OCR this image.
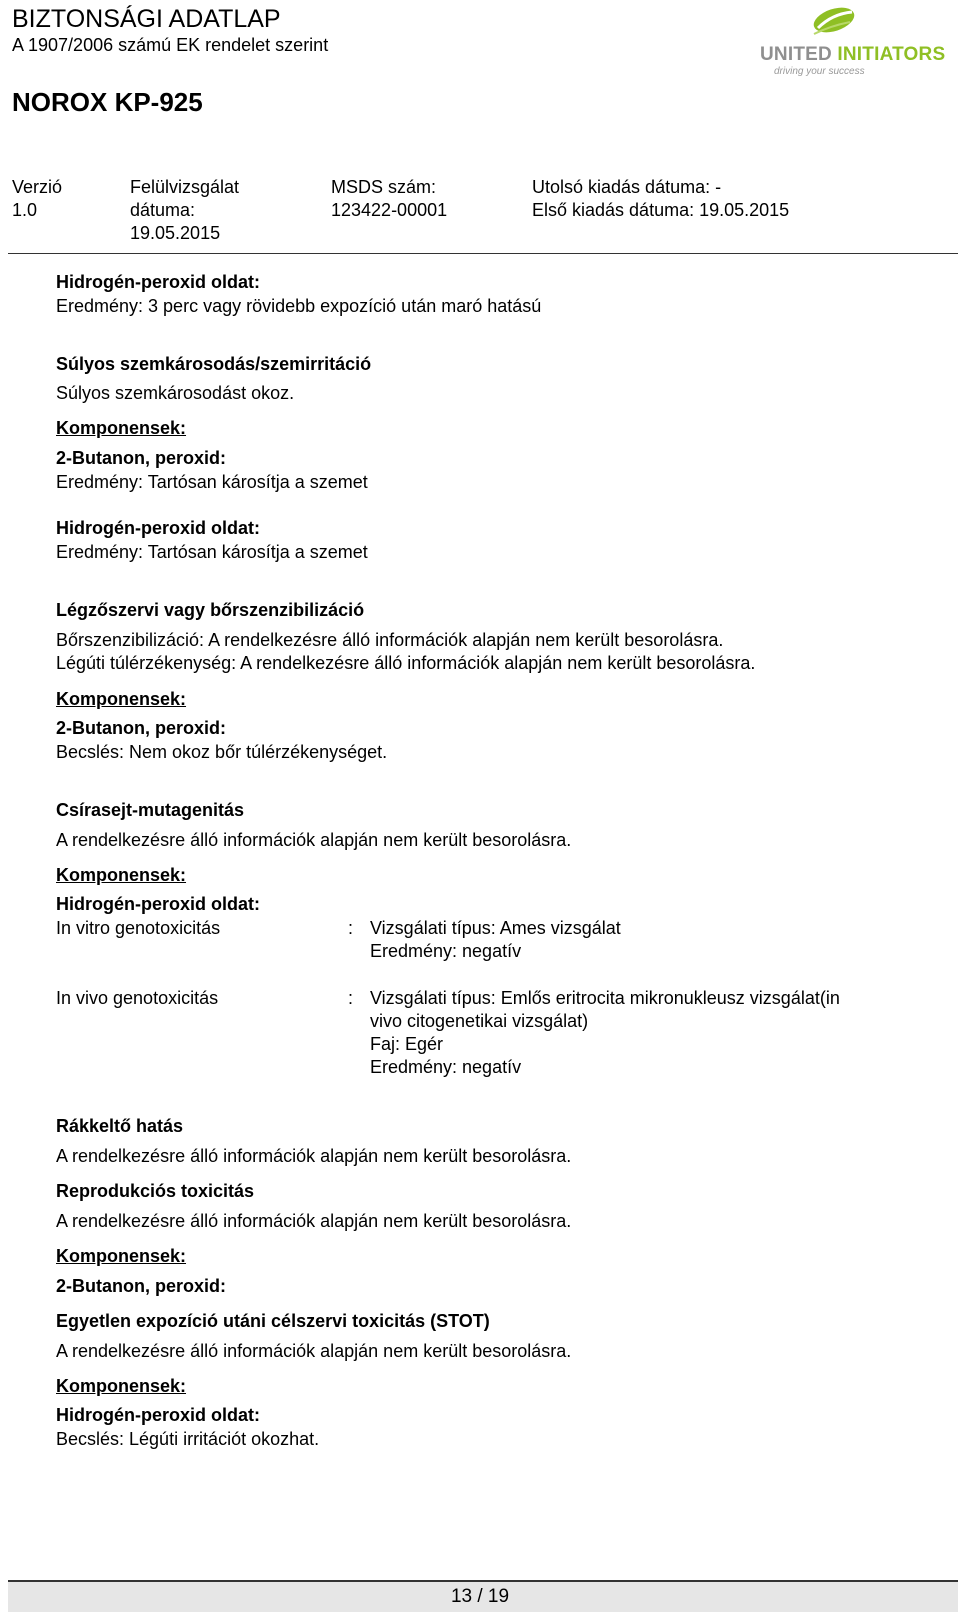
BIZTONSÁGI ADATLAP
A 1907/2006 számú EK rendelet szerint
NOROX KP-925
UNITED INITIATORS
driving your success
Verzió
1.0
Felülvizsgálat
dátuma:
19.05.2015
MSDS szám:
123422-00001
Utolsó kiadás dátuma: -
Első kiadás dátuma: 19.05.2015
Hidrogén-peroxid oldat:
Eredmény: 3 perc vagy rövidebb expozíció után maró hatású
Súlyos szemkárosodás/szemirritáció
Súlyos szemkárosodást okoz.
Komponensek:
2-Butanon, peroxid:
Eredmény: Tartósan károsítja a szemet
Hidrogén-peroxid oldat:
Eredmény: Tartósan károsítja a szemet
Légzőszervi vagy bőrszenzibilizáció
Bőrszenzibilizáció: A rendelkezésre álló információk alapján nem került besorolásra.
Légúti túlérzékenység: A rendelkezésre álló információk alapján nem került besorolásra.
Komponensek:
2-Butanon, peroxid:
Becslés: Nem okoz bőr túlérzékenységet.
Csírasejt-mutagenitás
A rendelkezésre álló információk alapján nem került besorolásra.
Komponensek:
Hidrogén-peroxid oldat:
In vitro genotoxicitás	: Vizsgálati típus: Ames vizsgálat
Eredmény: negatív
In vivo genotoxicitás	: Vizsgálati típus: Emlős eritrocita mikronukleusz vizsgálat(in
vivo citogenetikai vizsgálat)
Faj: Egér
Eredmény: negatív
Rákkeltő hatás
A rendelkezésre álló információk alapján nem került besorolásra.
Reprodukciós toxicitás
A rendelkezésre álló információk alapján nem került besorolásra.
Komponensek:
2-Butanon, peroxid:
Egyetlen expozíció utáni célszervi toxicitás (STOT)
A rendelkezésre álló információk alapján nem került besorolásra.
Komponensek:
Hidrogén-peroxid oldat:
Becslés: Légúti irritációt okozhat.
13 / 19
